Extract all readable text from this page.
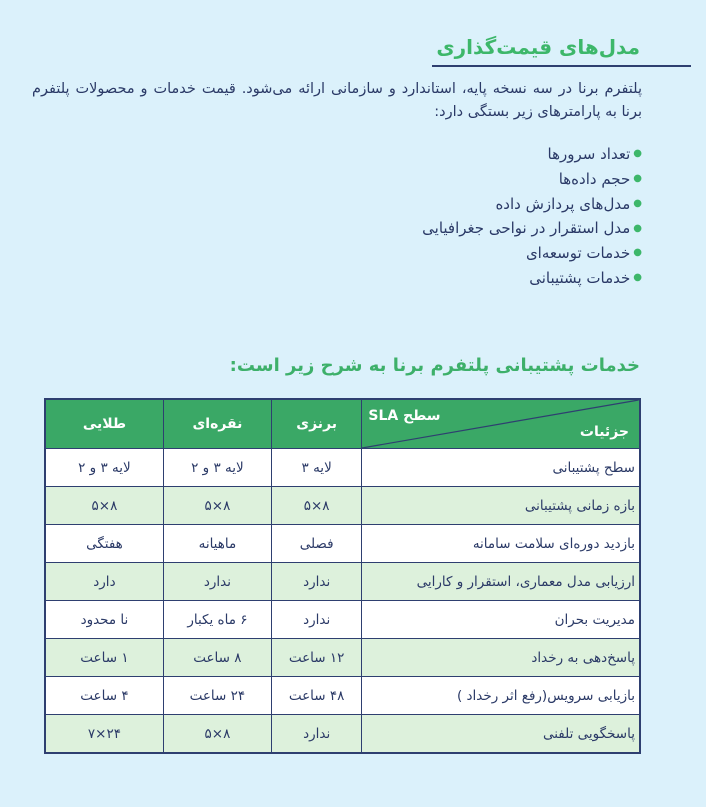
مدل‌های قیمت‌گذاری

پلتفرم برنا در سه نسخه پایه، استاندارد و سازمانی ارائه می‌شود. قیمت خدمات و محصولات پلتفرم برنا به پارامترهای زیر بستگی دارد:

●تعداد سرورها
●حجم داده‌ها
●مدل‌های پردازش داده
●مدل استقرار در نواحی جغرافیایی
●خدمات توسعه‌ای
●خدمات پشتیبانی
خدمات پشتیبانی پلتفرم برنا به شرح زیر است:
سطح SLA
جزئیات	برنزی	نقره‌ای	طلایی
سطح پشتیبانی	لایه ۳	لایه ۳ و ۲	لایه ۳ و ۲
بازه زمانی پشتیبانی	۸×۵	۸×۵	۸×۵
بازدید دوره‌ای سلامت سامانه	فصلی	ماهیانه	هفتگی
ارزیابی مدل معماری، استقرار و کارایی	ندارد	ندارد	دارد
مدیریت بحران	ندارد	۶ ماه یکبار	نا محدود
پاسخ‌دهی به رخداد	۱۲ ساعت	۸ ساعت	۱ ساعت
بازیابی سرویس(رفع اثر رخداد )	۴۸ ساعت	۲۴ ساعت	۴ ساعت
پاسخگویی تلفنی	ندارد	۸×۵	۲۴×۷
